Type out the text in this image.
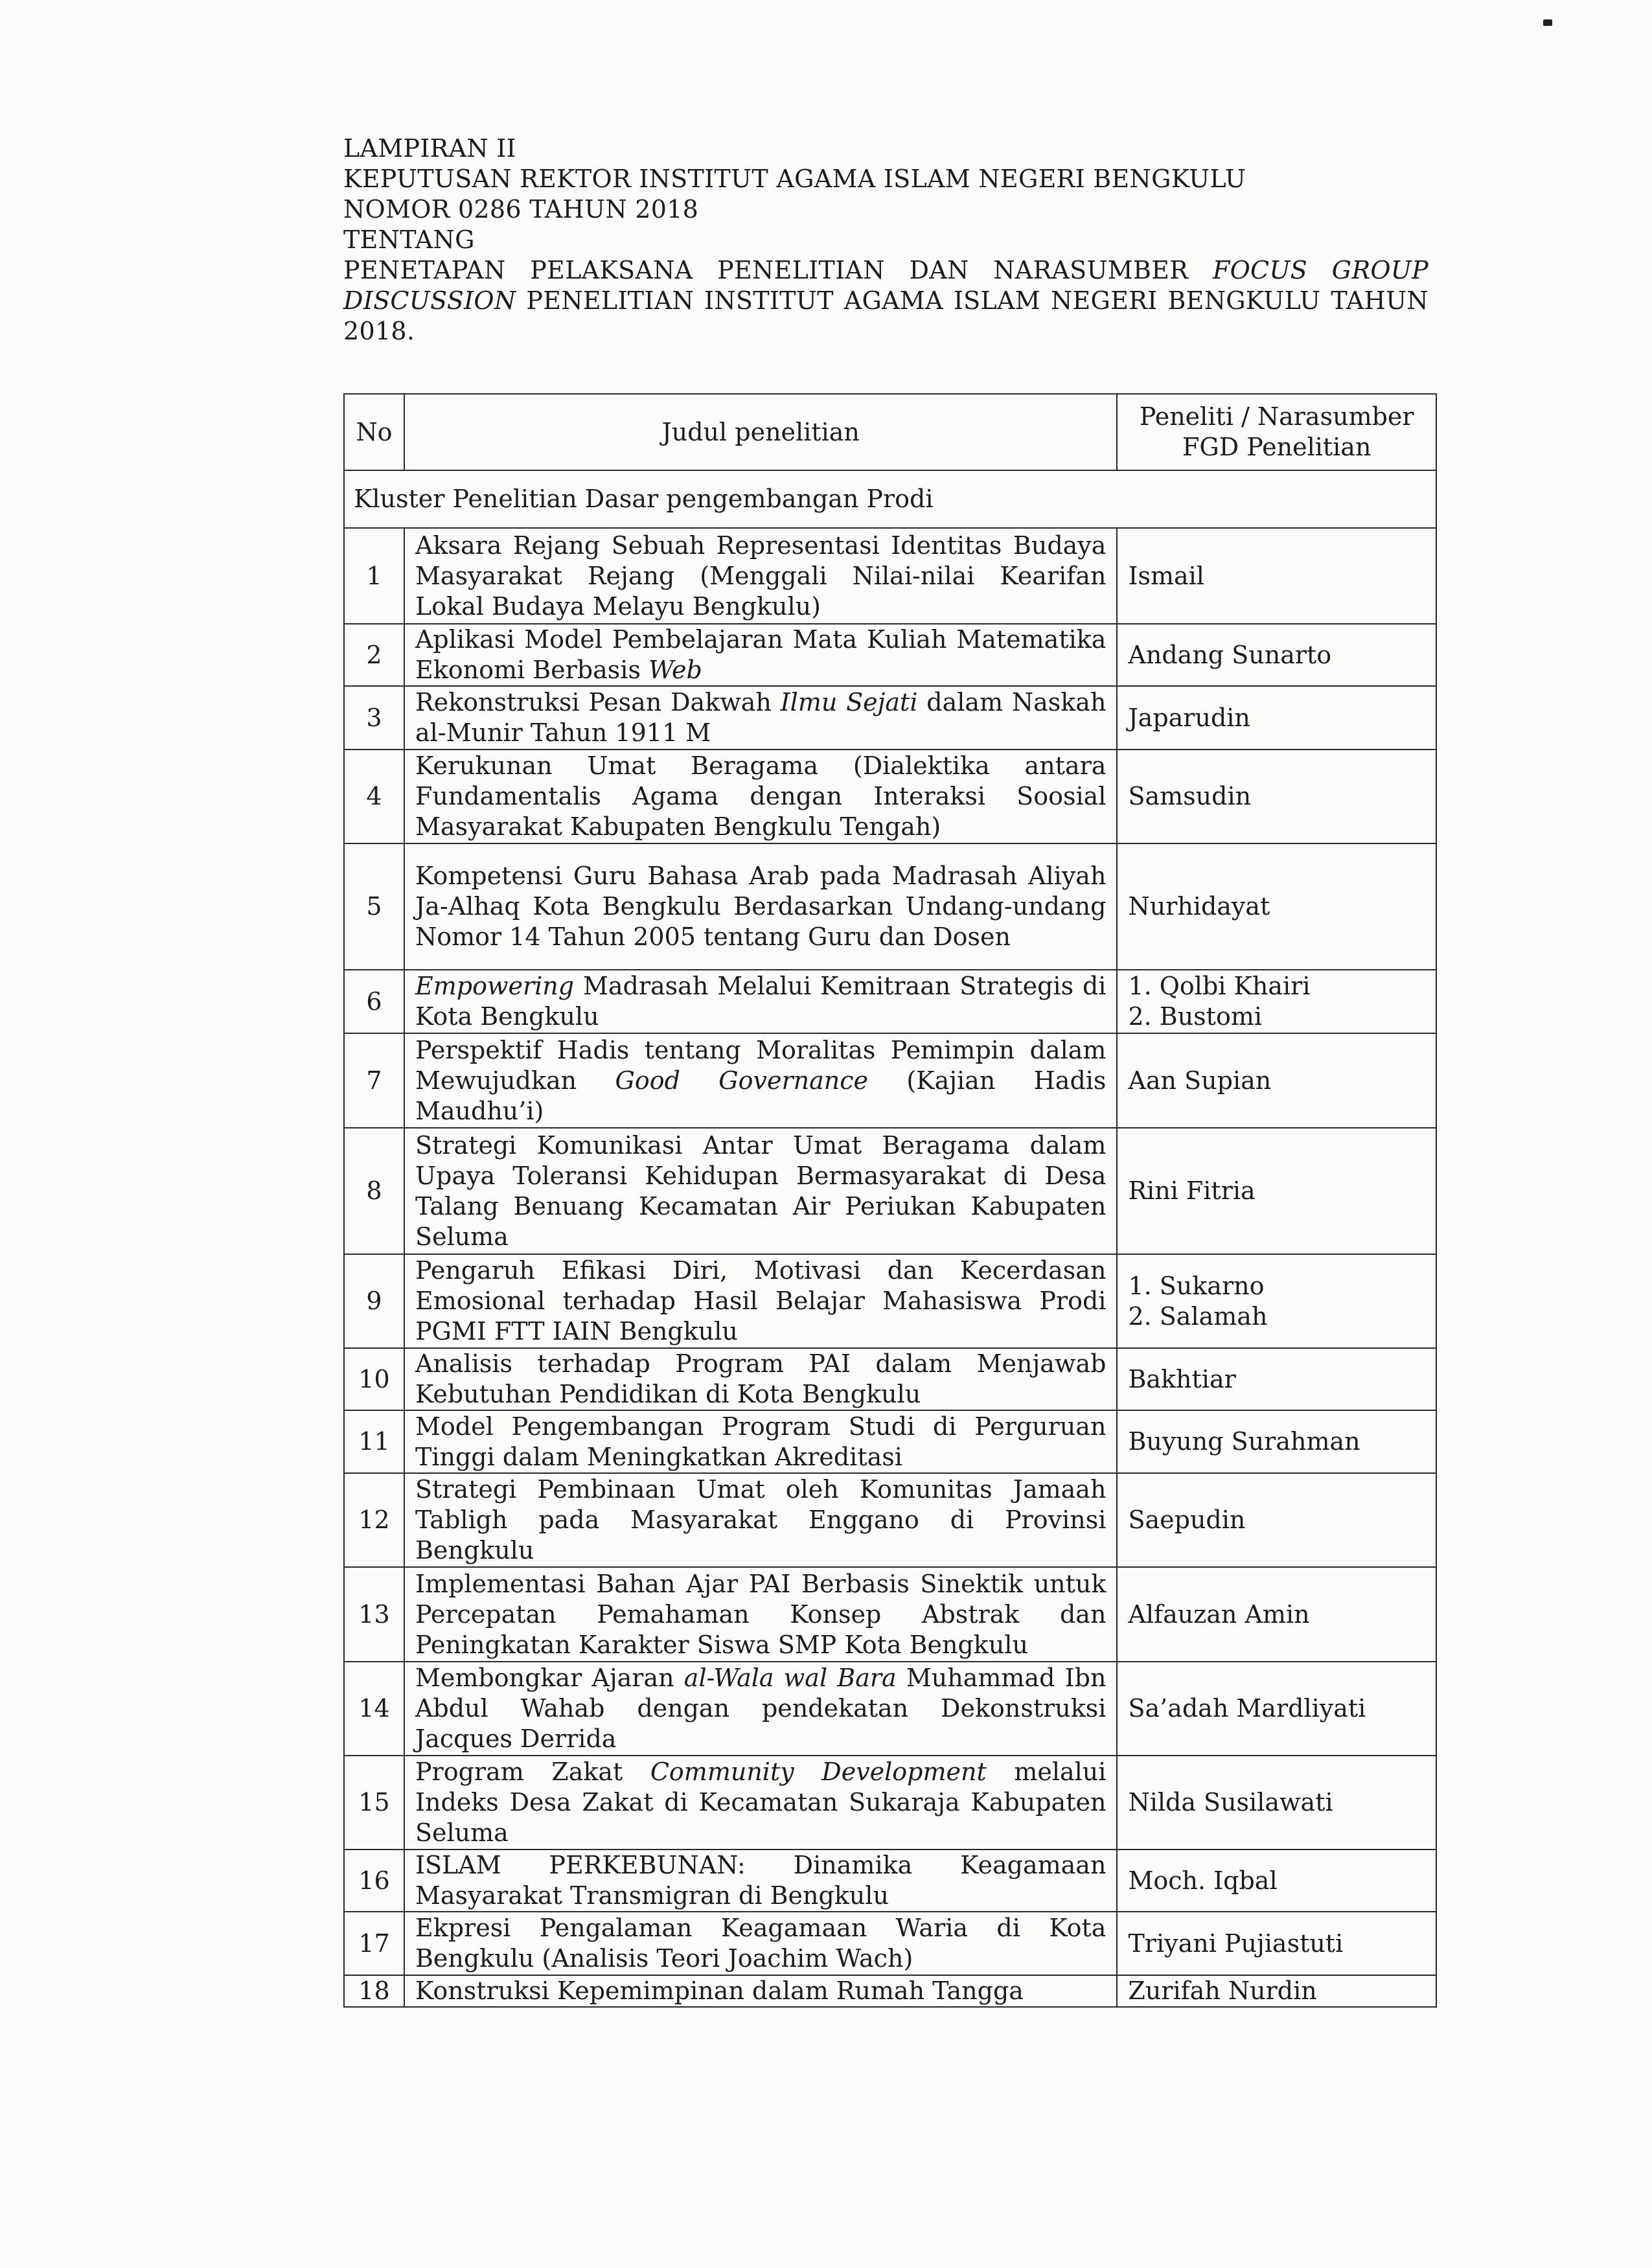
LAMPIRAN II
KEPUTUSAN REKTOR INSTITUT AGAMA ISLAM NEGERI BENGKULU
NOMOR 0286 TAHUN 2018
TENTANG
PENETAPAN PELAKSANA PENELITIAN DAN NARASUMBER FOCUS GROUP
DISCUSSION PENELITIAN INSTITUT AGAMA ISLAM NEGERI BENGKULU TAHUN
2018.
No	Judul penelitian	Peneliti / Narasumber
FGD Penelitian

Kluster Penelitian Dasar pengembangan Prodi		
1	Aksara Rejang Sebuah Representasi Identitas Budaya Masyarakat Rejang (Menggali Nilai-nilai Kearifan Lokal Budaya Melayu Bengkulu)	Ismail

2	Aplikasi Model Pembelajaran Mata Kuliah Matematika Ekonomi Berbasis Web	Andang Sunarto

3	Rekonstruksi Pesan Dakwah Ilmu Sejati dalam Naskah al-Munir Tahun 1911 M	Japarudin

4	Kerukunan Umat Beragama (Dialektika antara Fundamentalis Agama dengan Interaksi Soosial Masyarakat Kabupaten Bengkulu Tengah)	Samsudin

5	Kompetensi Guru Bahasa Arab pada Madrasah Aliyah Ja-Alhaq Kota Bengkulu Berdasarkan Undang-undang Nomor 14 Tahun 2005 tentang Guru dan Dosen	Nurhidayat

6	Empowering Madrasah Melalui Kemitraan Strategis di Kota Bengkulu	1. Qolbi Khairi
2. Bustomi

7	Perspektif Hadis tentang Moralitas Pemimpin dalam Mewujudkan Good Governance (Kajian Hadis Maudhu’i)	Aan Supian

8	Strategi Komunikasi Antar Umat Beragama dalam Upaya Toleransi Kehidupan Bermasyarakat di Desa Talang Benuang Kecamatan Air Periukan Kabupaten Seluma	Rini Fitria

9	Pengaruh Efikasi Diri, Motivasi dan Kecerdasan Emosional terhadap Hasil Belajar Mahasiswa Prodi PGMI FTT IAIN Bengkulu	1. Sukarno
2. Salamah

10	Analisis terhadap Program PAI dalam Menjawab Kebutuhan Pendidikan di Kota Bengkulu	Bakhtiar

11	Model Pengembangan Program Studi di Perguruan Tinggi dalam Meningkatkan Akreditasi	Buyung Surahman

12	Strategi Pembinaan Umat oleh Komunitas Jamaah Tabligh pada Masyarakat Enggano di Provinsi Bengkulu	Saepudin

13	Implementasi Bahan Ajar PAI Berbasis Sinektik untuk Percepatan Pemahaman Konsep Abstrak dan Peningkatan Karakter Siswa SMP Kota Bengkulu	Alfauzan Amin

14	Membongkar Ajaran al-Wala wal Bara Muhammad Ibn Abdul Wahab dengan pendekatan Dekonstruksi Jacques Derrida	Sa’adah Mardliyati

15	Program Zakat Community Development melalui Indeks Desa Zakat di Kecamatan Sukaraja Kabupaten Seluma	Nilda Susilawati

16	ISLAM PERKEBUNAN: Dinamika Keagamaan Masyarakat Transmigran di Bengkulu	Moch. Iqbal

17	Ekpresi Pengalaman Keagamaan Waria di Kota Bengkulu (Analisis Teori Joachim Wach)	Triyani Pujiastuti

18	Konstruksi Kepemimpinan dalam Rumah Tangga	Zurifah Nurdin
